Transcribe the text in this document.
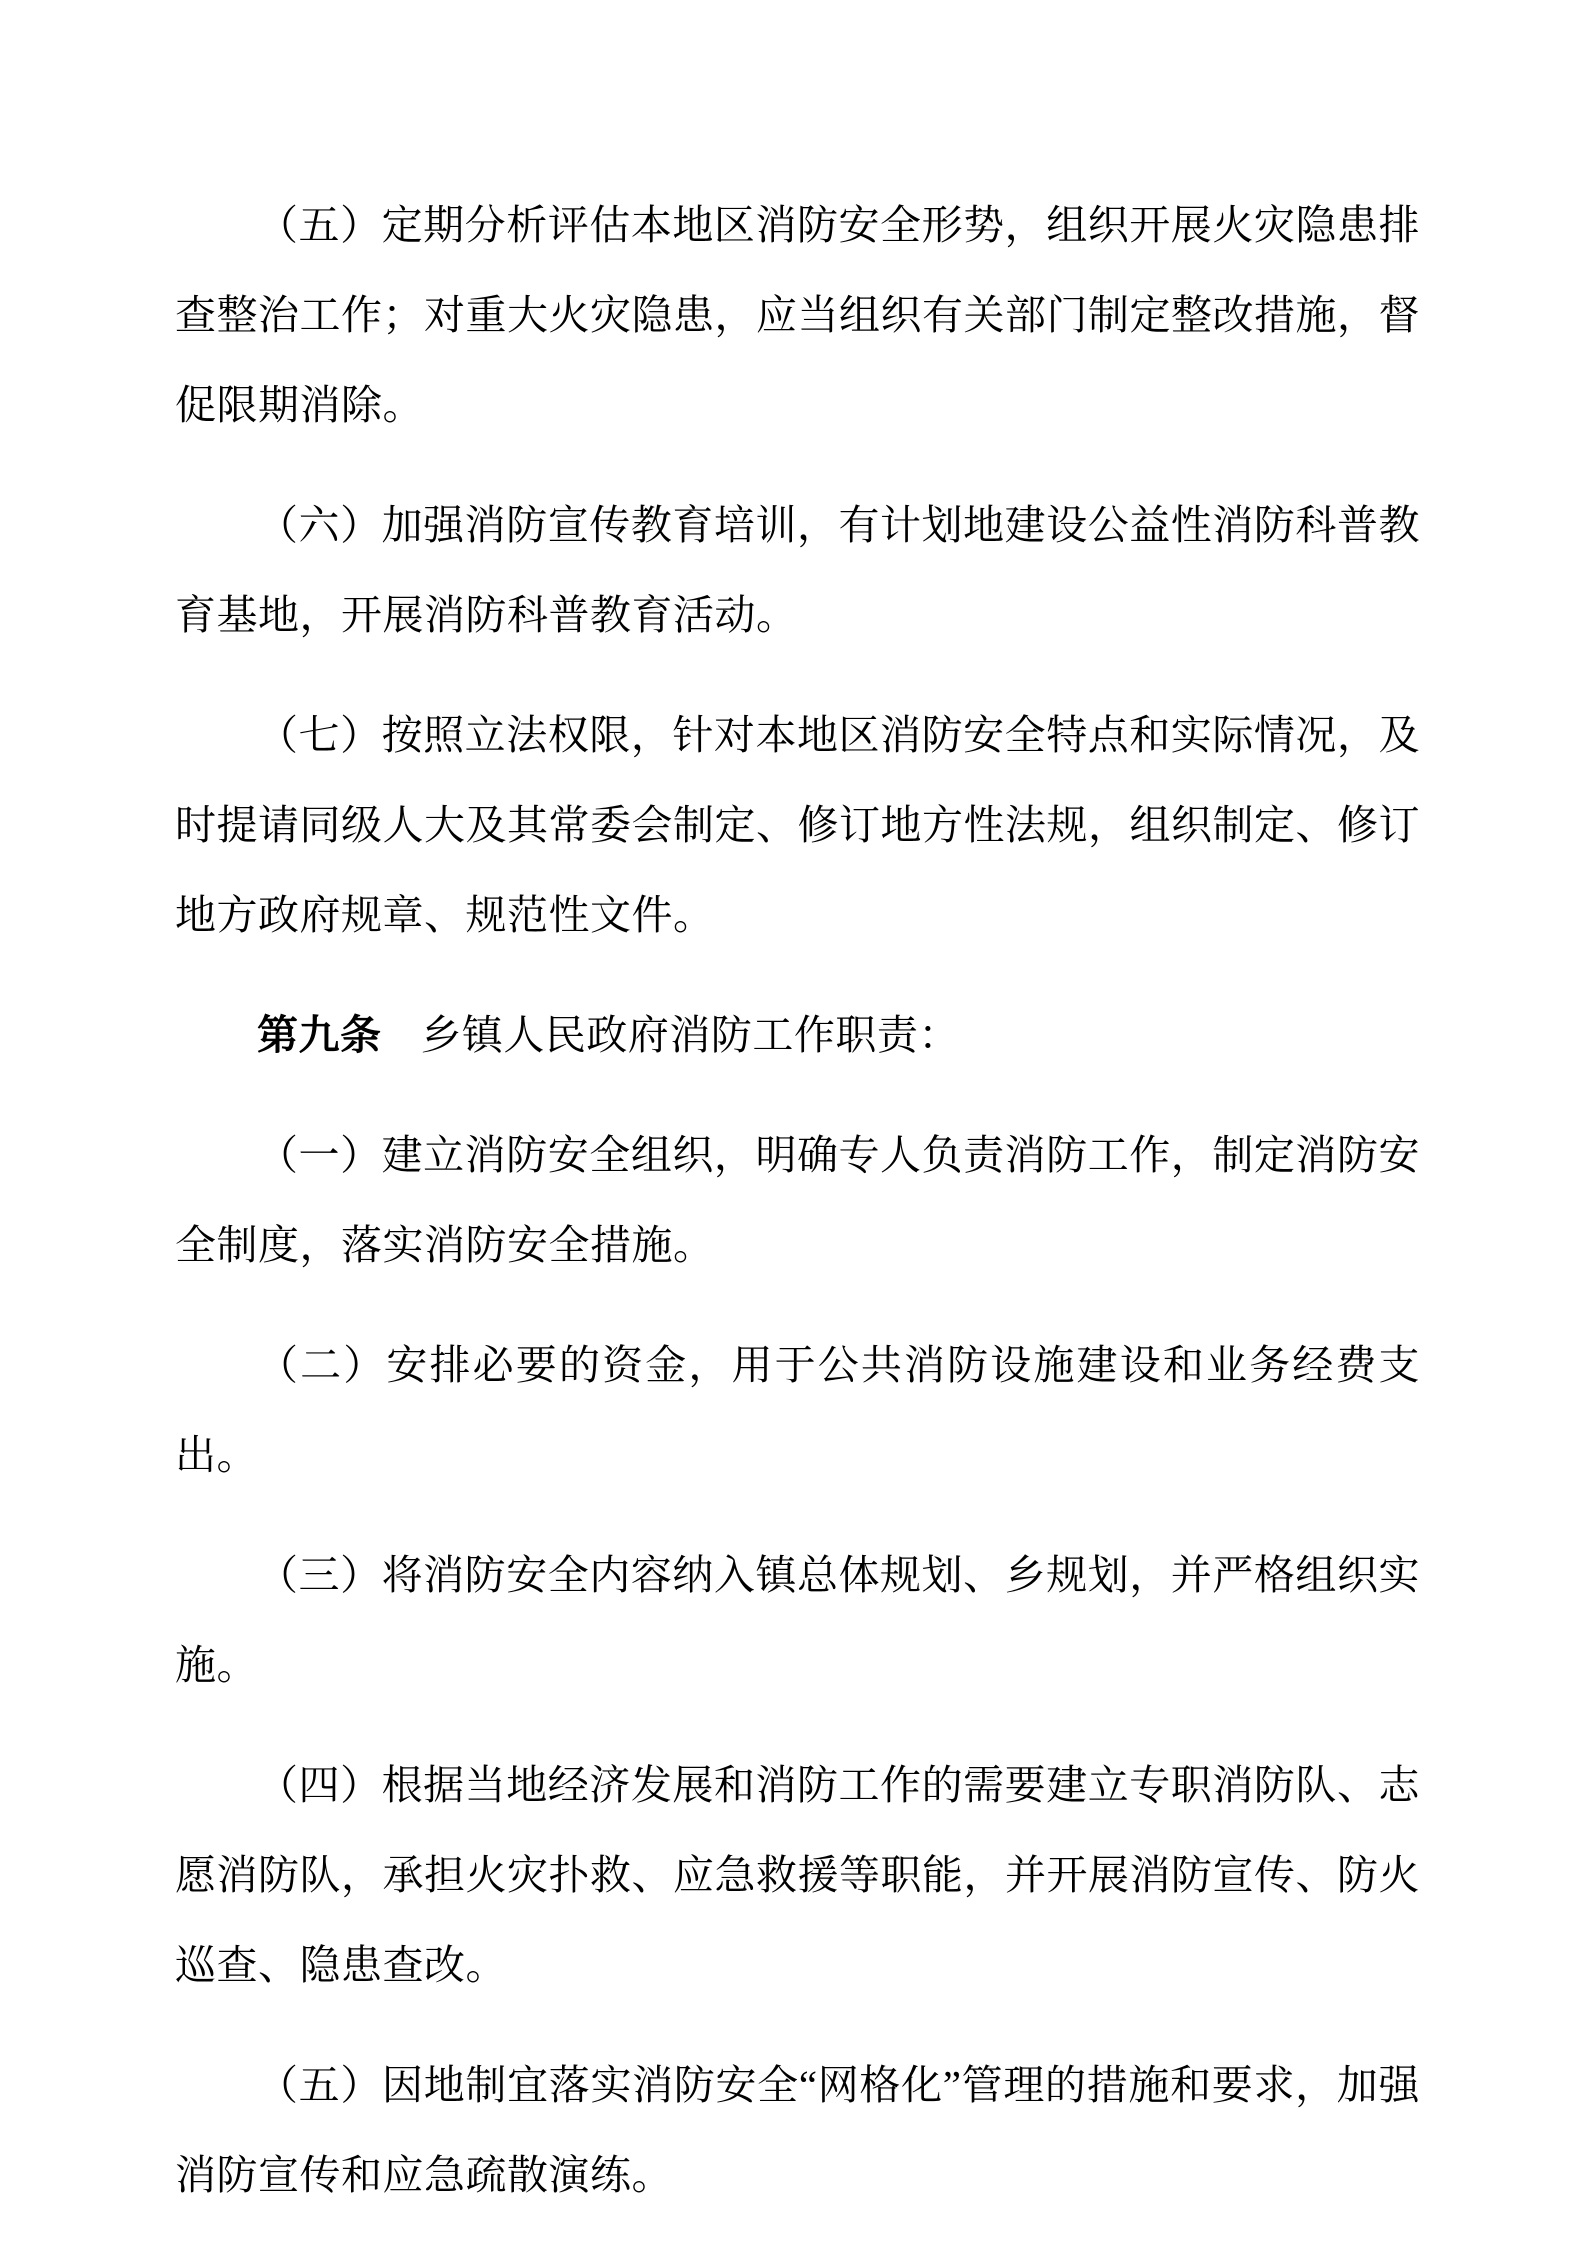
（五）定期分析评估本地区消防安全形势，组织开展火灾隐患排查整治工作；对重大火灾隐患，应当组织有关部门制定整改措施，督促限期消除。

（六）加强消防宣传教育培训，有计划地建设公益性消防科普教育基地，开展消防科普教育活动。

（七）按照立法权限，针对本地区消防安全特点和实际情况，及时提请同级人大及其常委会制定、修订地方性法规，组织制定、修订地方政府规章、规范性文件。

第九条 乡镇人民政府消防工作职责：

（一）建立消防安全组织，明确专人负责消防工作，制定消防安全制度，落实消防安全措施。

（二）安排必要的资金，用于公共消防设施建设和业务经费支出。

（三）将消防安全内容纳入镇总体规划、乡规划，并严格组织实施。

（四）根据当地经济发展和消防工作的需要建立专职消防队、志愿消防队，承担火灾扑救、应急救援等职能，并开展消防宣传、防火巡查、隐患查改。

（五）因地制宜落实消防安全“网格化”管理的措施和要求，加强消防宣传和应急疏散演练。
